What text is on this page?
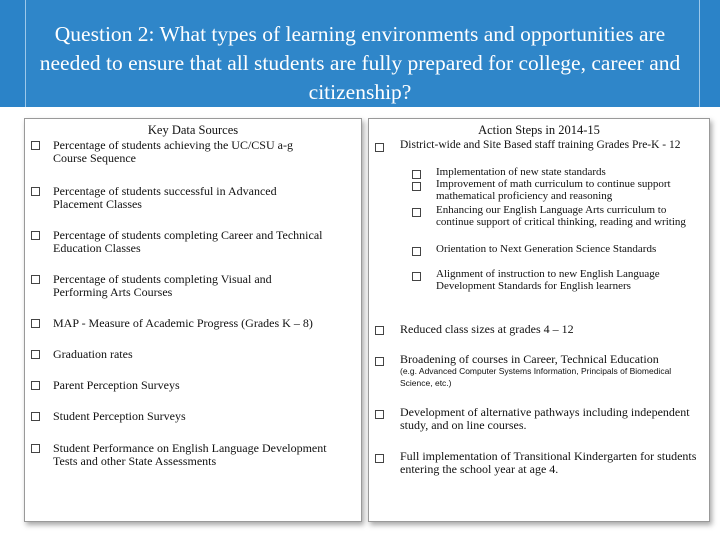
Question 2: What types of learning environments and opportunities are needed to ensure that all students are fully prepared for college, career and citizenship?
Key Data Sources
Percentage of students achieving the UC/CSU a-g Course Sequence
Percentage of students successful in Advanced Placement Classes
Percentage of students completing Career and Technical Education Classes
Percentage of students completing Visual and Performing Arts Courses
MAP - Measure of Academic Progress (Grades K – 8)
Graduation rates
Parent Perception Surveys
Student Perception Surveys
Student Performance on English Language Development Tests and other State Assessments
Action Steps in 2014-15
District-wide and Site Based staff training Grades Pre-K - 12
Implementation of new state standards
Improvement of math curriculum to continue support mathematical proficiency and reasoning
Enhancing our English Language Arts curriculum to continue support of critical thinking, reading and writing
Orientation to Next Generation Science Standards
Alignment of instruction to new English Language Development Standards for English learners
Reduced class sizes at grades 4 – 12
Broadening of courses in Career, Technical Education
(e.g. Advanced Computer Systems Information, Principals of Biomedical Science, etc.)
Development of alternative pathways including independent study, and on line courses.
Full implementation of Transitional Kindergarten for students entering the school year at age 4.
